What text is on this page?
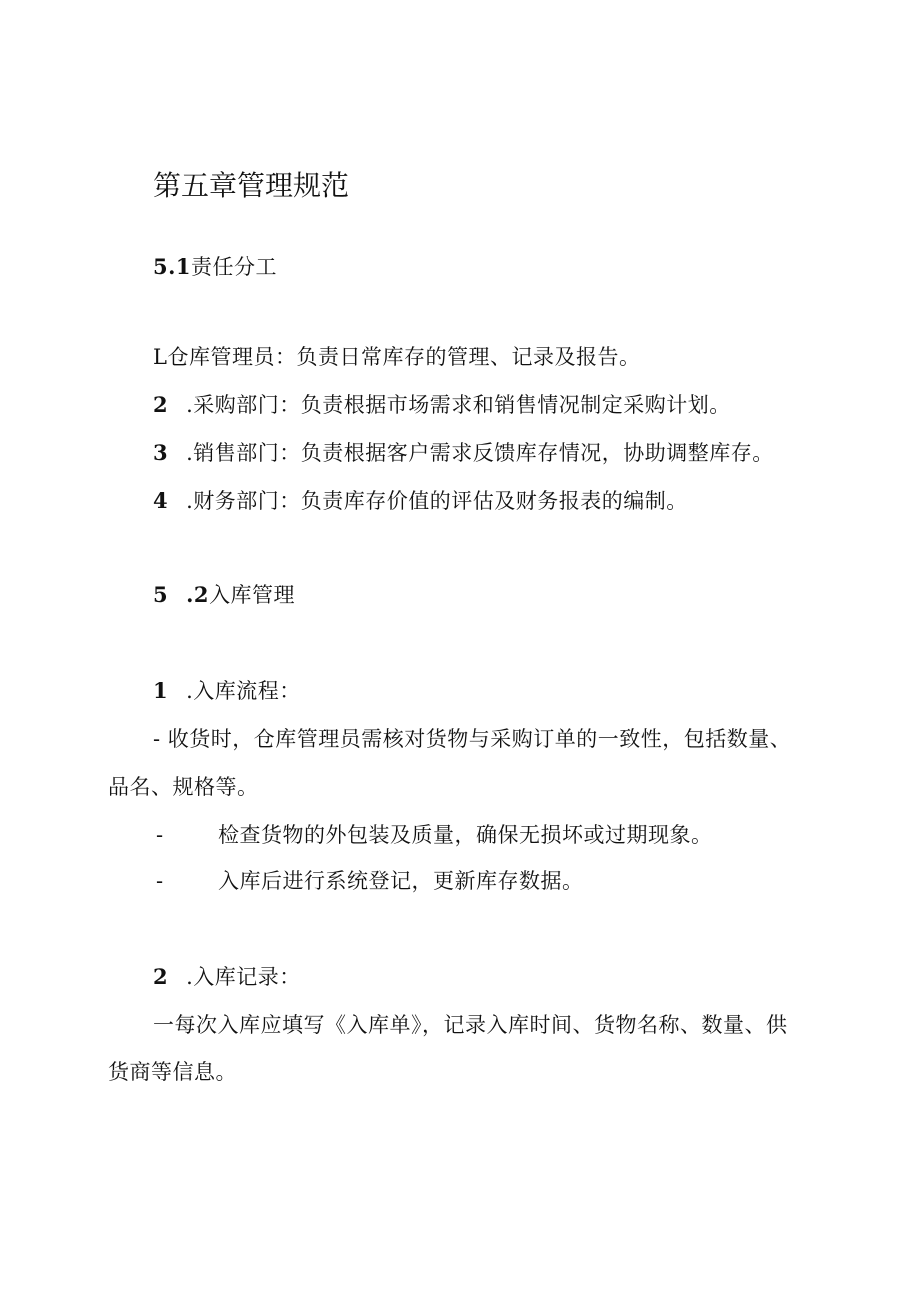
第五章管理规范
5.1责任分工
L仓库管理员：负责日常库存的管理、记录及报告。
2 .采购部门：负责根据市场需求和销售情况制定采购计划。
3 .销售部门：负责根据客户需求反馈库存情况，协助调整库存。
4 .财务部门：负责库存价值的评估及财务报表的编制。
5 .2入库管理
1 .入库流程：
- 收货时，仓库管理员需核对货物与采购订单的一致性，包括数量、
品名、规格等。
-	检查货物的外包装及质量，确保无损坏或过期现象。
-	入库后进行系统登记，更新库存数据。
2 .入库记录：
一每次入库应填写《入库单》，记录入库时间、货物名称、数量、供
货商等信息。
